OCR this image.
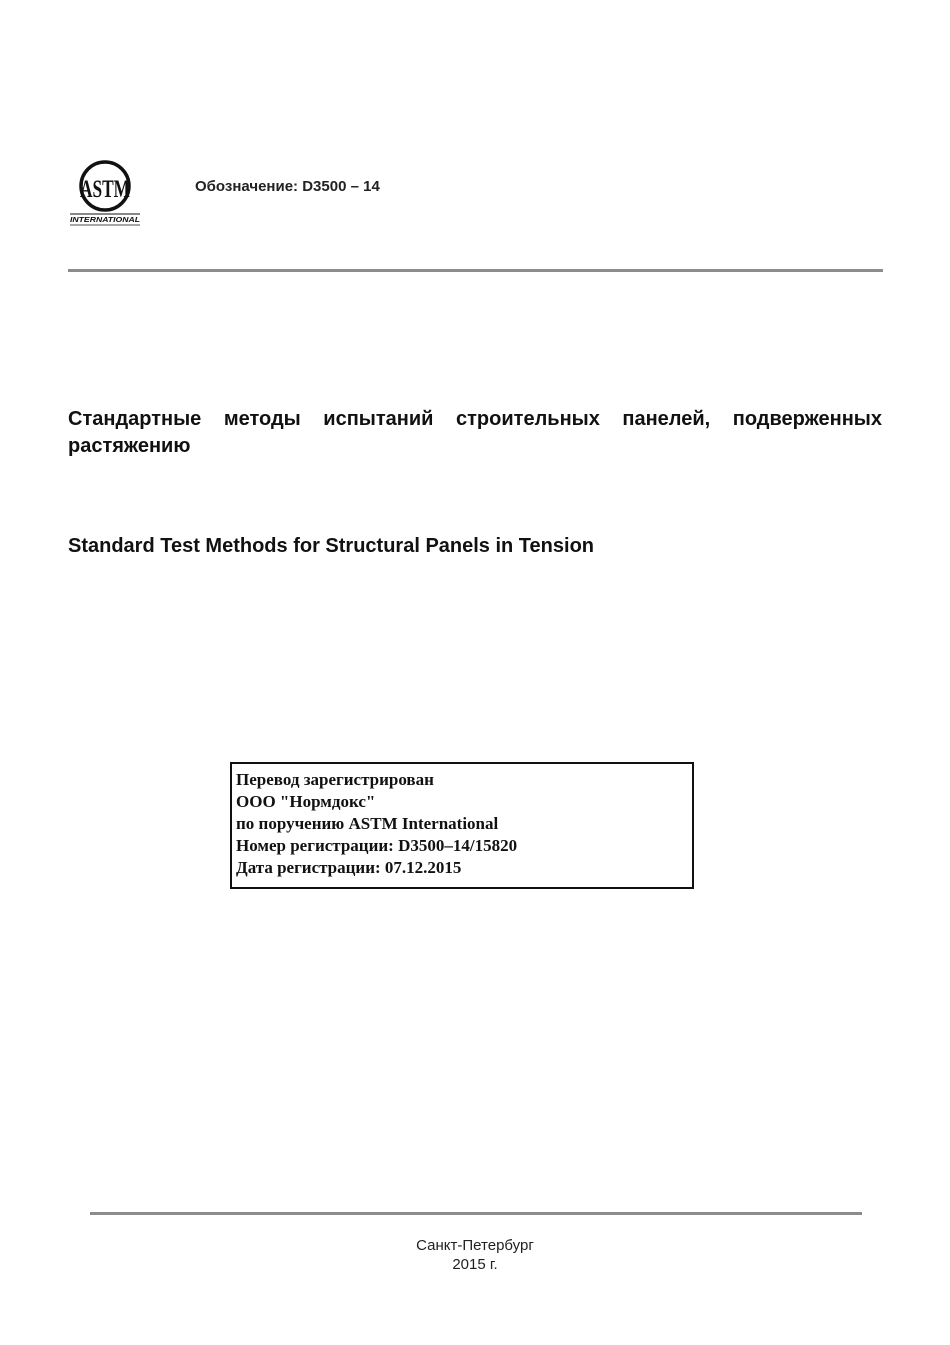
ASTM
INTERNATIONAL
Обозначение: D3500 – 14
Стандартные методы испытаний строительных панелей, подверженных растяжению
Standard Test Methods for Structural Panels in Tension
Перевод зарегистрирован
ООО "Нормдокс"
по поручению ASTM International
Номер регистрации: D3500–14/15820
Дата регистрации: 07.12.2015
Санкт-Петербург
2015 г.
